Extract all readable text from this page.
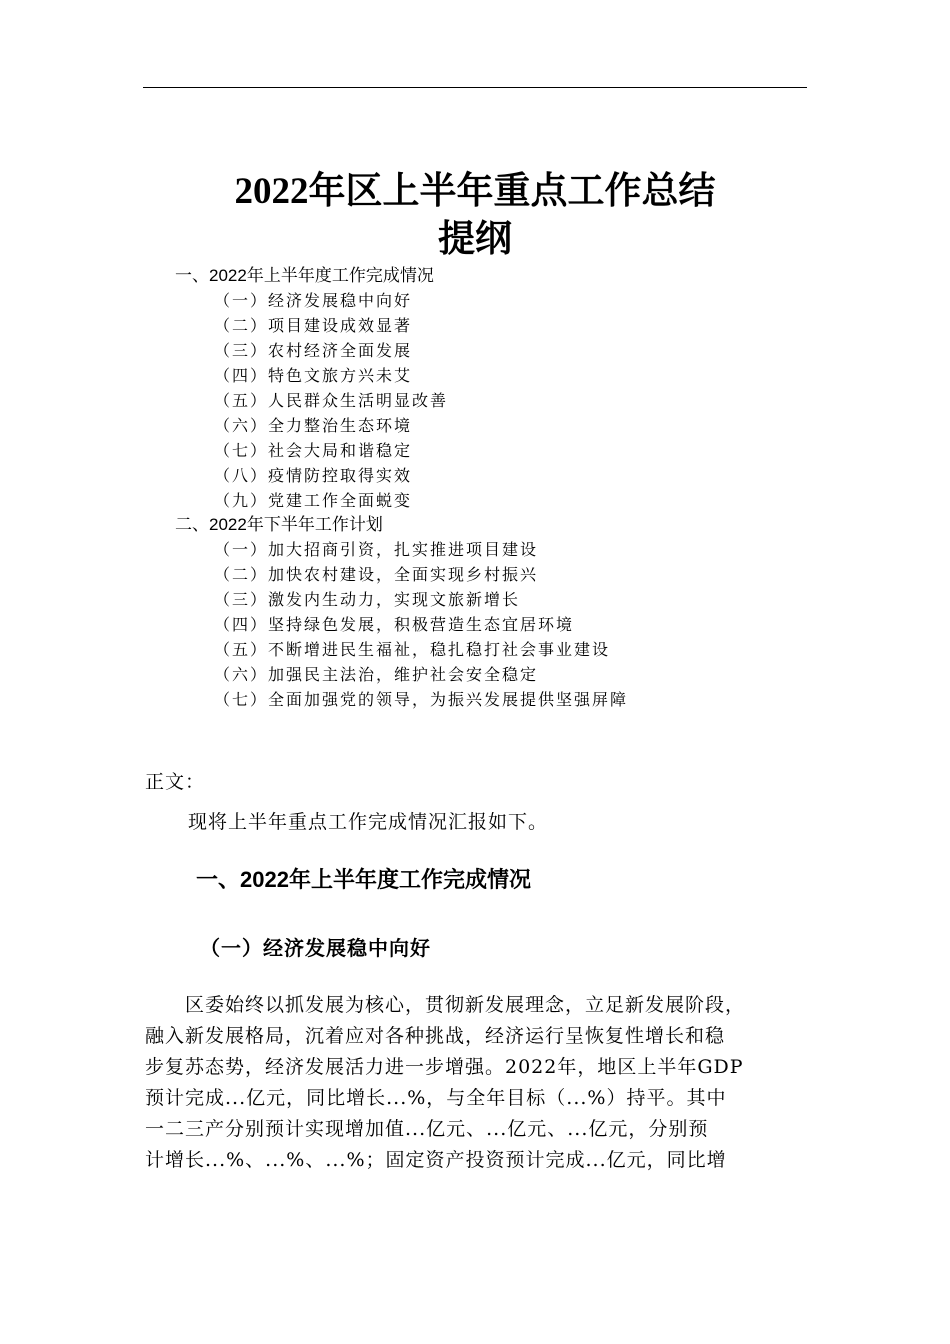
2022年区上半年重点工作总结
提纲
一、2022年上半年度工作完成情况
（一）经济发展稳中向好
（二）项目建设成效显著
（三）农村经济全面发展
（四）特色文旅方兴未艾
（五）人民群众生活明显改善
（六）全力整治生态环境
（七）社会大局和谐稳定
（八）疫情防控取得实效
（九）党建工作全面蜕变
二、2022年下半年工作计划
（一）加大招商引资，扎实推进项目建设
（二）加快农村建设，全面实现乡村振兴
（三）激发内生动力，实现文旅新增长
（四）坚持绿色发展，积极营造生态宜居环境
（五）不断增进民生福祉，稳扎稳打社会事业建设
（六）加强民主法治，维护社会安全稳定
（七）全面加强党的领导，为振兴发展提供坚强屏障
正文：
现将上半年重点工作完成情况汇报如下。
一、2022年上半年度工作完成情况
（一）经济发展稳中向好
　　区委始终以抓发展为核心，贯彻新发展理念，立足新发展阶段，
融入新发展格局，沉着应对各种挑战，经济运行呈恢复性增长和稳
步复苏态势，经济发展活力进一步增强。2022年，地区上半年GDP
预计完成...亿元，同比增长...%，与全年目标（...%）持平。其中
一二三产分别预计实现增加值...亿元、...亿元、...亿元，分别预
计增长...%、...%、...%；固定资产投资预计完成...亿元，同比增
